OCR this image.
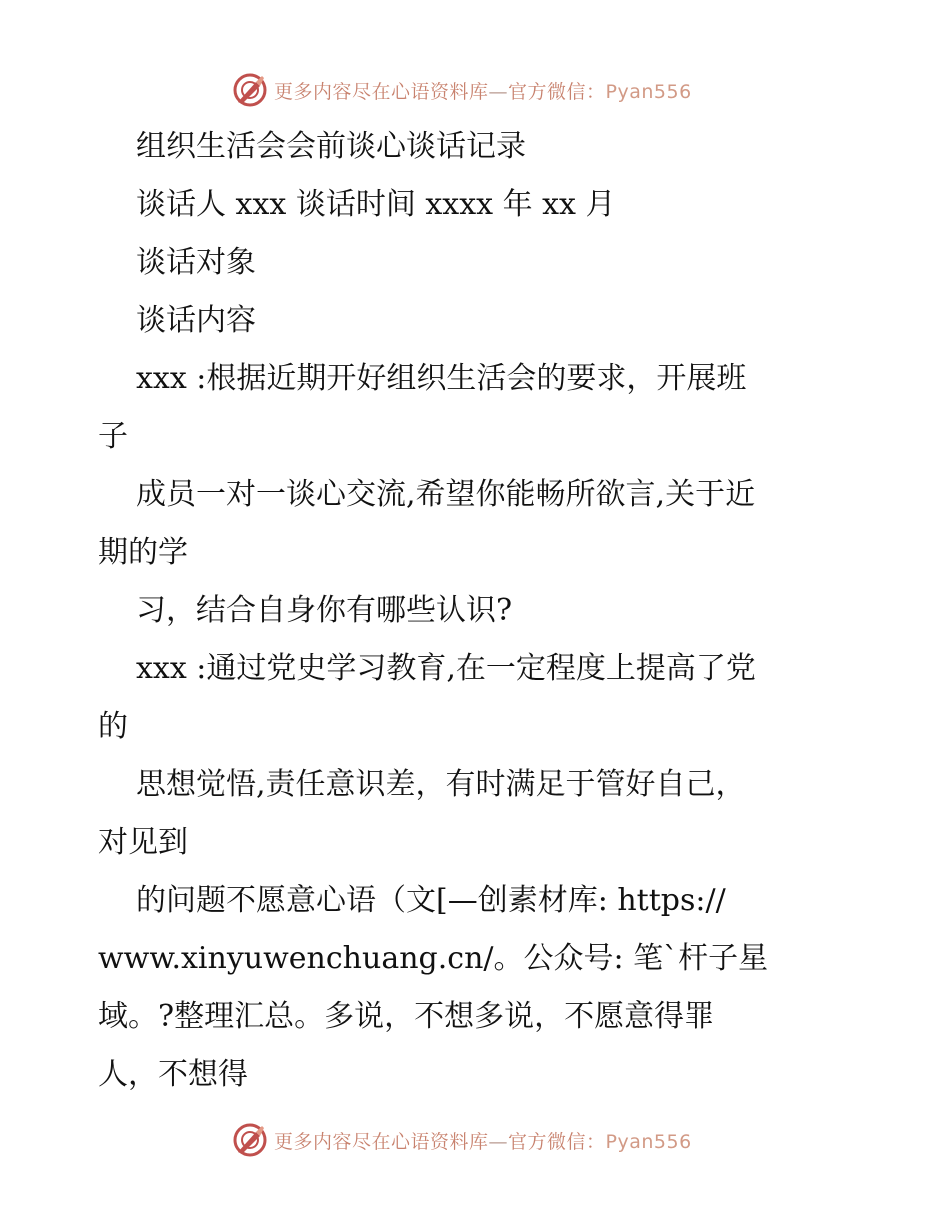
更多内容尽在心语资料库—官方微信：Pyan556
组织生活会会前谈心谈话记录
谈话人 xxx 谈话时间 xxxx 年 xx 月
谈话对象
谈话内容
xxx :根据近期开好组织生活会的要求，开展班
子
成员一对一谈心交流,希望你能畅所欲言,关于近
期的学
习，结合自身你有哪些认识?
xxx :通过党史学习教育,在一定程度上提高了党
的
思想觉悟,责任意识差，有时满足于管好自己，
对见到
的问题不愿意心语（文[—创素材库: https://
www.xinyuwenchuang.cn/。公众号: 笔`杆子星
域。?整理汇总。多说，不想多说，不愿意得罪
人，不想得
更多内容尽在心语资料库—官方微信：Pyan556
